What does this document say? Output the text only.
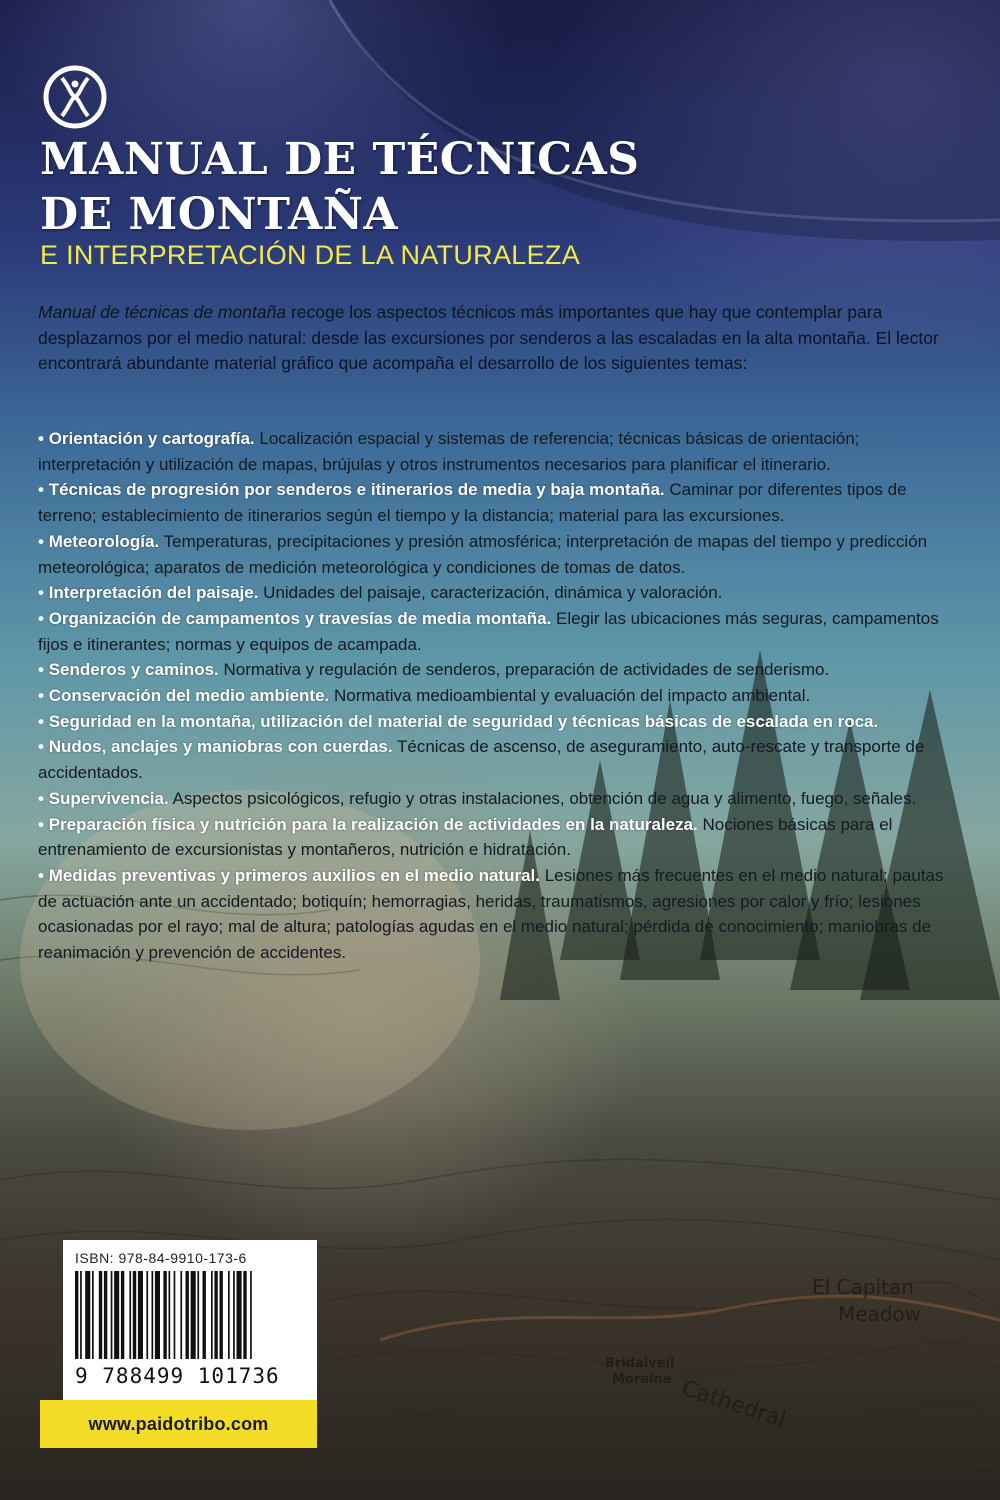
El Capitan
Meadow
Bridalveil
Moraine Cathedral
MANUAL DE TÉCNICAS
DE MONTAÑA
E INTERPRETACIÓN DE LA NATURALEZA

Manual de técnicas de montaña recoge los aspectos técnicos más importantes que hay que contemplar para desplazarnos por el medio natural: desde las excursiones por senderos a las escaladas en la alta montaña. El lector encontrará abundante material gráfico que acompaña el desarrollo de los siguientes temas:

• Orientación y cartografía. Localización espacial y sistemas de referencia; técnicas básicas de orientación; interpretación y utilización de mapas, brújulas y otros instrumentos necesarios para planificar el itinerario.
• Técnicas de progresión por senderos e itinerarios de media y baja montaña. Caminar por diferentes tipos de terreno; establecimiento de itinerarios según el tiempo y la distancia; material para las excursiones.
• Meteorología. Temperaturas, precipitaciones y presión atmosférica; interpretación de mapas del tiempo y predicción meteorológica; aparatos de medición meteorológica y condiciones de tomas de datos.
• Interpretación del paisaje. Unidades del paisaje, caracterización, dinámica y valoración.
• Organización de campamentos y travesías de media montaña. Elegir las ubicaciones más seguras, campamentos fijos e itinerantes; normas y equipos de acampada.
• Senderos y caminos. Normativa y regulación de senderos, preparación de actividades de senderismo.
• Conservación del medio ambiente. Normativa medioambiental y evaluación del impacto ambiental.
• Seguridad en la montaña, utilización del material de seguridad y técnicas básicas de escalada en roca.
• Nudos, anclajes y maniobras con cuerdas. Técnicas de ascenso, de aseguramiento, auto-rescate y transporte de accidentados.
• Supervivencia. Aspectos psicológicos, refugio y otras instalaciones, obtención de agua y alimento, fuego, señales.
• Preparación física y nutrición para la realización de actividades en la naturaleza. Nociones básicas para el entrenamiento de excursionistas y montañeros, nutrición e hidratación.
• Medidas preventivas y primeros auxilios en el medio natural. Lesiones más frecuentes en el medio natural; pautas de actuación ante un accidentado; botiquín; hemorragias, heridas, traumatismos, agresiones por calor y frío; lesiones ocasionadas por el rayo; mal de altura; patologías agudas en el medio natural; pérdida de conocimiento; maniobras de reanimación y prevención de accidentes.
ISBN: 978-84-9910-173-6
9 788499 101736
www.paidotribo.com
